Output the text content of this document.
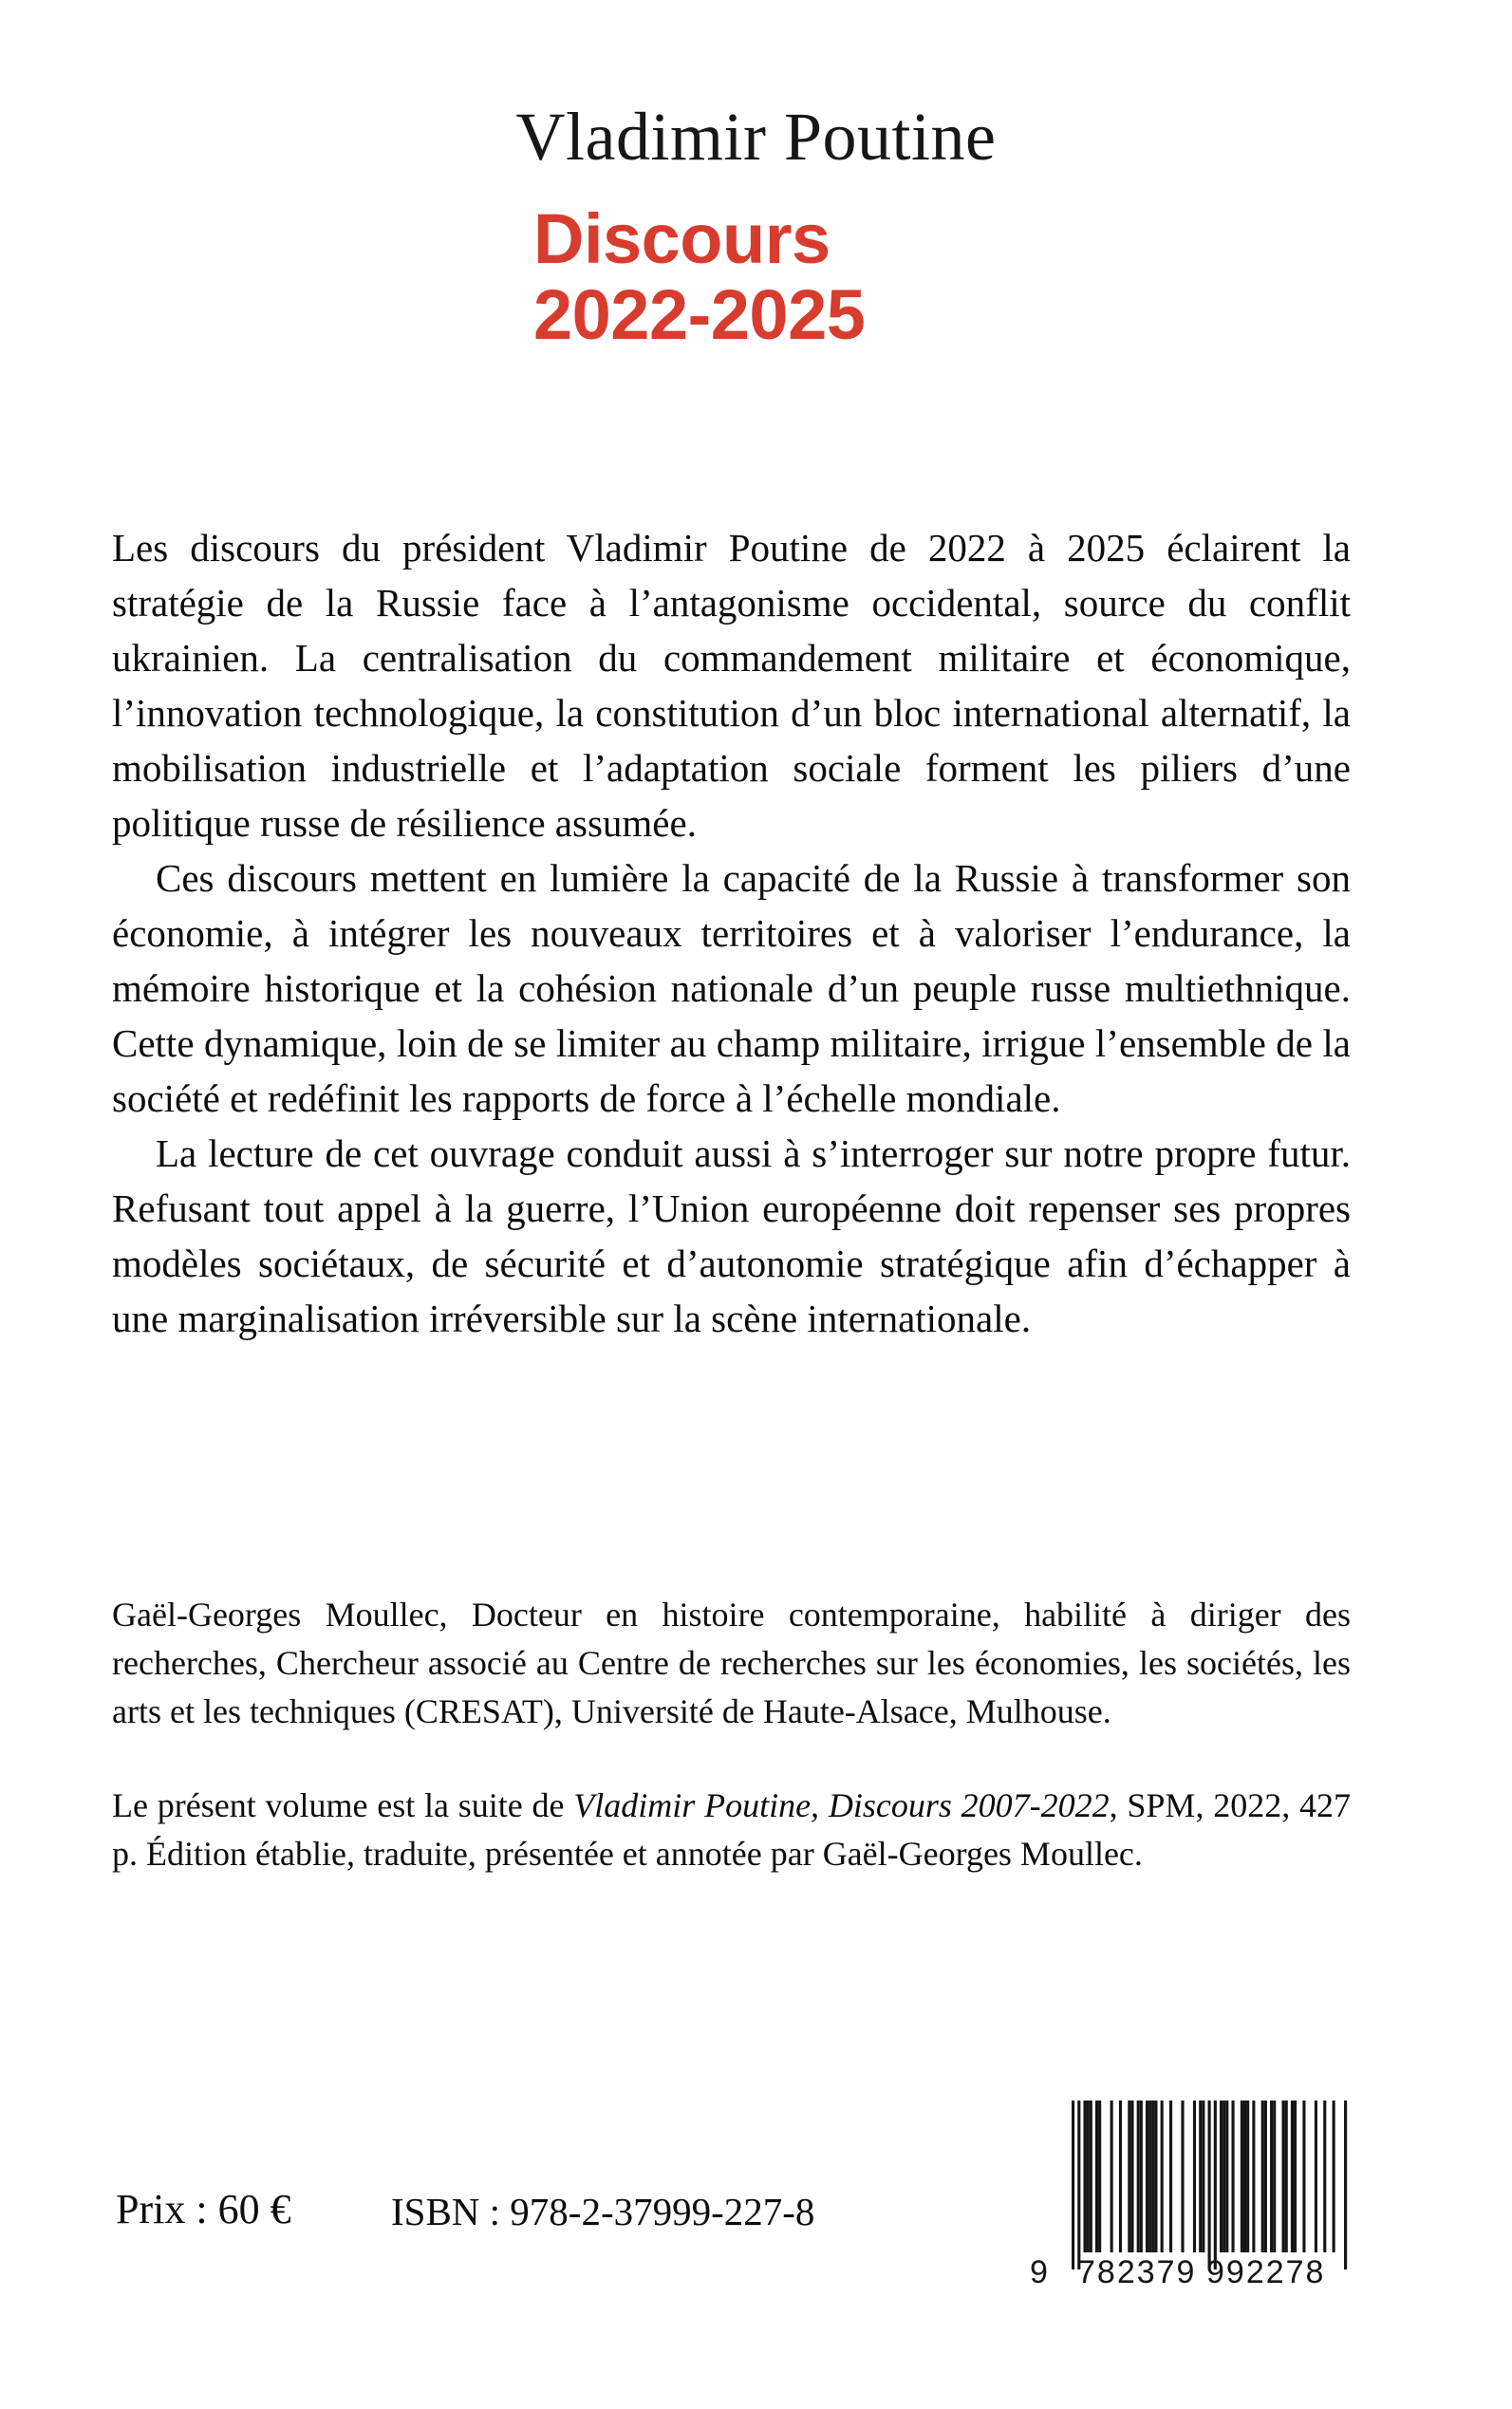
Vladimir Poutine
Discours
2022-2025

Les discours du président Vladimir Poutine de 2022 à 2025 éclairent la stratégie de la Russie face à l’antagonisme occidental, source du conflit ukrainien. La centralisation du commandement militaire et économique, l’innovation technologique, la constitution d’un bloc international alternatif, la mobilisation industrielle et l’adaptation sociale forment les piliers d’une politique russe de résilience assumée.

Ces discours mettent en lumière la capacité de la Russie à transformer son économie, à intégrer les nouveaux territoires et à valoriser l’endurance, la mémoire historique et la cohésion nationale d’un peuple russe multiethnique. Cette dynamique, loin de se limiter au champ militaire, irrigue l’ensemble de la société et redéfinit les rapports de force à l’échelle mondiale.

La lecture de cet ouvrage conduit aussi à s’interroger sur notre propre futur. Refusant tout appel à la guerre, l’Union européenne doit repenser ses propres modèles sociétaux, de sécurité et d’autonomie stratégique afin d’échapper à une marginalisation irréversible sur la scène internationale.

Gaël-Georges Moullec, Docteur en histoire contemporaine, habilité à diriger des recherches, Chercheur associé au Centre de recherches sur les économies, les sociétés, les arts et les techniques (CRESAT), Université de Haute-Alsace, Mulhouse.

Le présent volume est la suite de Vladimir Poutine, Discours 2007-2022, SPM, 2022, 427 p. Édition établie, traduite, présentée et annotée par Gaël-Georges Moullec.

Prix : 60 €	ISBN : 978-2-37999-227-8
9 782379 992278
